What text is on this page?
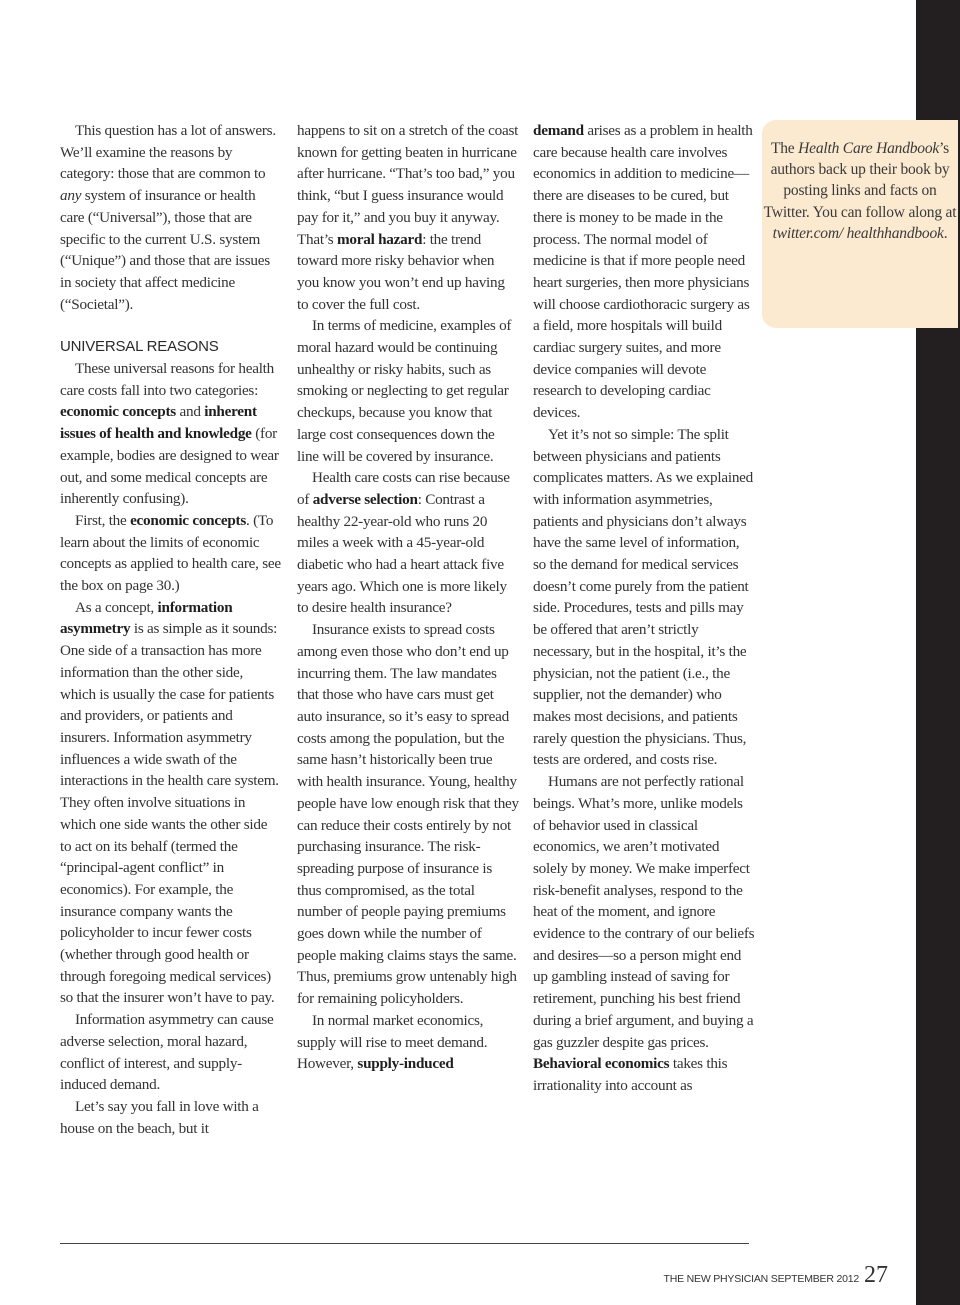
This question has a lot of answers. We’ll examine the reasons by category: those that are common to any system of insurance or health care (“Universal”), those that are specific to the current U.S. system (“Unique”) and those that are issues in society that affect medicine (“Societal”).

UNIVERSAL REASONS

These universal reasons for health care costs fall into two categories: economic concepts and inherent issues of health and knowledge (for example, bodies are designed to wear out, and some medical concepts are inherently confusing).

First, the economic concepts. (To learn about the limits of economic concepts as applied to health care, see the box on page 30.)

As a concept, information asymmetry is as simple as it sounds: One side of a transaction has more information than the other side, which is usually the case for patients and providers, or patients and insurers. Information asymmetry influences a wide swath of the interactions in the health care system. They often involve situations in which one side wants the other side to act on its behalf (termed the “principal-agent conflict” in economics). For example, the insurance company wants the policyholder to incur fewer costs (whether through good health or through foregoing medical services) so that the insurer won’t have to pay.

Information asymmetry can cause adverse selection, moral hazard, conflict of interest, and supply-induced demand.

Let’s say you fall in love with a house on the beach, but it

happens to sit on a stretch of the coast known for getting beaten in hurricane after hurricane. “That’s too bad,” you think, “but I guess insurance would pay for it,” and you buy it anyway. That’s moral hazard: the trend toward more risky behavior when you know you won’t end up having to cover the full cost.

In terms of medicine, examples of moral hazard would be continuing unhealthy or risky habits, such as smoking or neglecting to get regular checkups, because you know that large cost consequences down the line will be covered by insurance.

Health care costs can rise because of adverse selection: Contrast a healthy 22-year-old who runs 20 miles a week with a 45-year-old diabetic who had a heart attack five years ago. Which one is more likely to desire health insurance?

Insurance exists to spread costs among even those who don’t end up incurring them. The law mandates that those who have cars must get auto insurance, so it’s easy to spread costs among the population, but the same hasn’t historically been true with health insurance. Young, healthy people have low enough risk that they can reduce their costs entirely by not purchasing insurance. The risk-spreading purpose of insurance is thus compromised, as the total number of people paying premiums goes down while the number of people making claims stays the same. Thus, premiums grow untenably high for remaining policyholders.

In normal market economics, supply will rise to meet demand. However, supply-induced

demand arises as a problem in health care because health care involves economics in addition to medicine—there are diseases to be cured, but there is money to be made in the process. The normal model of medicine is that if more people need heart surgeries, then more physicians will choose cardiothoracic surgery as a field, more hospitals will build cardiac surgery suites, and more device companies will devote research to developing cardiac devices.

Yet it’s not so simple: The split between physicians and patients complicates matters. As we explained with information asymmetries, patients and physicians don’t always have the same level of information, so the demand for medical services doesn’t come purely from the patient side. Procedures, tests and pills may be offered that aren’t strictly necessary, but in the hospital, it’s the physician, not the patient (i.e., the supplier, not the demander) who makes most decisions, and patients rarely question the physicians. Thus, tests are ordered, and costs rise.

Humans are not perfectly rational beings. What’s more, unlike models of behavior used in classical economics, we aren’t motivated solely by money. We make imperfect risk-benefit analyses, respond to the heat of the moment, and ignore evidence to the contrary of our beliefs and desires—so a person might end up gambling instead of saving for retirement, punching his best friend during a brief argument, and buying a gas guzzler despite gas prices.

Behavioral economics takes this irrationality into account as

The Health Care Handbook’s authors back up their book by posting links and facts on Twitter. You can follow along at twitter.com/ healthhandbook.
THE NEW PHYSICIAN SEPTEMBER 2012 27
